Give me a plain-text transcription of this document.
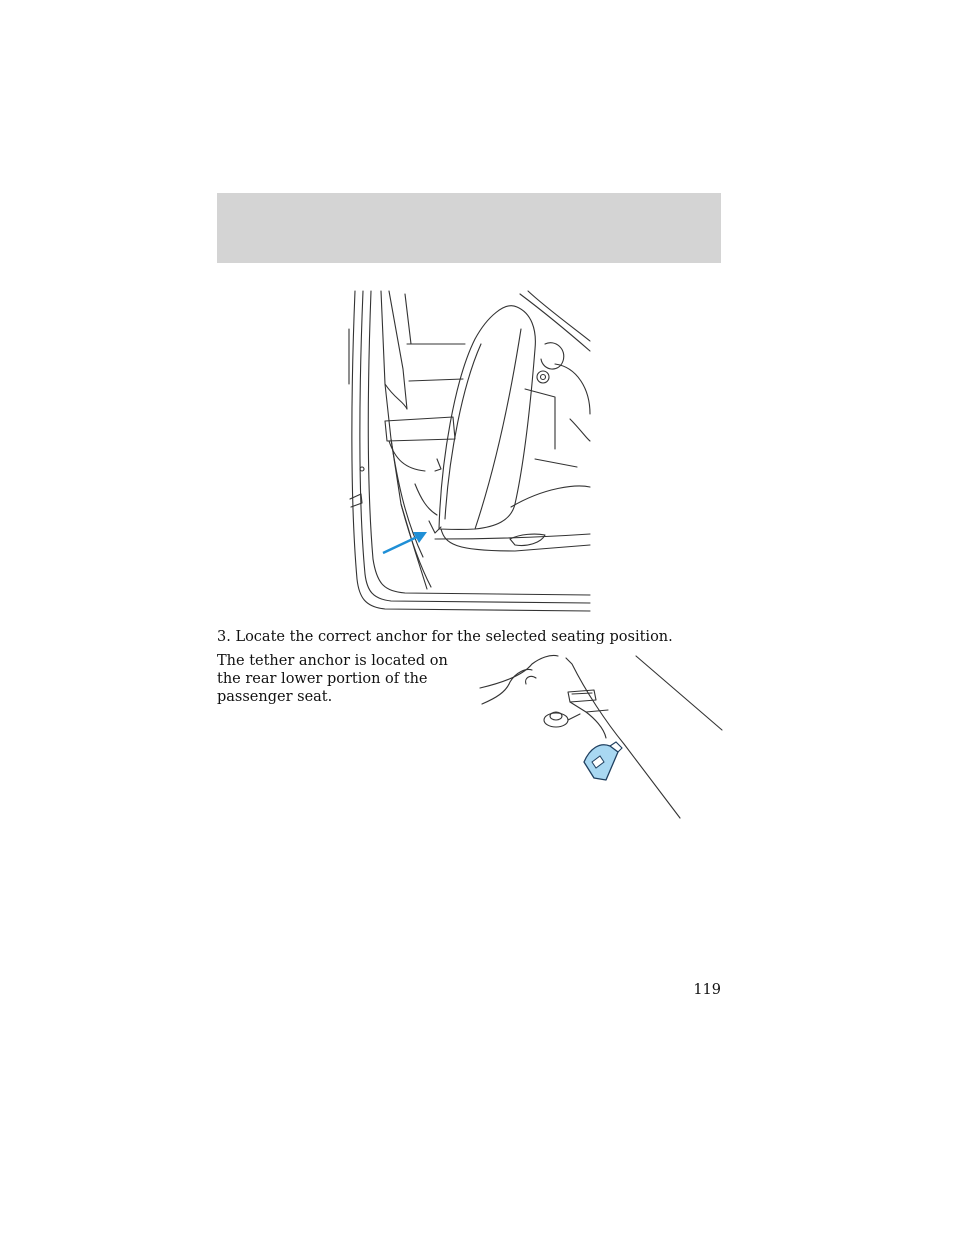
3. Locate the correct anchor for the selected seating position.

The tether anchor is located on the rear lower portion of the passenger seat.

119
